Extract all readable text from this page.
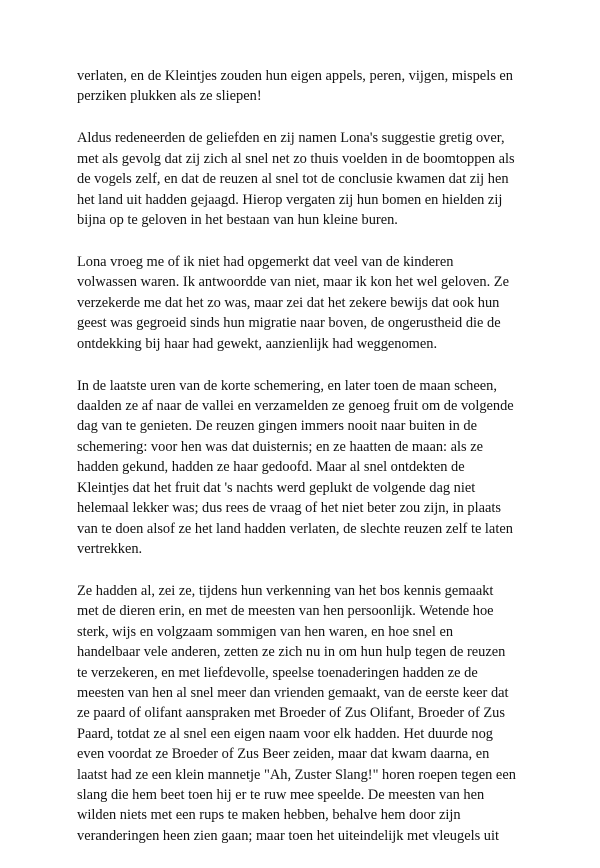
verlaten, en de Kleintjes zouden hun eigen appels, peren, vijgen, mispels en
perziken plukken als ze sliepen!

Aldus redeneerden de geliefden en zij namen Lona's suggestie gretig over,
met als gevolg dat zij zich al snel net zo thuis voelden in de boomtoppen als
de vogels zelf, en dat de reuzen al snel tot de conclusie kwamen dat zij hen
het land uit hadden gejaagd. Hierop vergaten zij hun bomen en hielden zij
bijna op te geloven in het bestaan van hun kleine buren.

Lona vroeg me of ik niet had opgemerkt dat veel van de kinderen
volwassen waren. Ik antwoordde van niet, maar ik kon het wel geloven. Ze
verzekerde me dat het zo was, maar zei dat het zekere bewijs dat ook hun
geest was gegroeid sinds hun migratie naar boven, de ongerustheid die de
ontdekking bij haar had gewekt, aanzienlijk had weggenomen.

In de laatste uren van de korte schemering, en later toen de maan scheen,
daalden ze af naar de vallei en verzamelden ze genoeg fruit om de volgende
dag van te genieten. De reuzen gingen immers nooit naar buiten in de
schemering: voor hen was dat duisternis; en ze haatten de maan: als ze
hadden gekund, hadden ze haar gedoofd. Maar al snel ontdekten de
Kleintjes dat het fruit dat 's nachts werd geplukt de volgende dag niet
helemaal lekker was; dus rees de vraag of het niet beter zou zijn, in plaats
van te doen alsof ze het land hadden verlaten, de slechte reuzen zelf te laten
vertrekken.

Ze hadden al, zei ze, tijdens hun verkenning van het bos kennis gemaakt
met de dieren erin, en met de meesten van hen persoonlijk. Wetende hoe
sterk, wijs en volgzaam sommigen van hen waren, en hoe snel en
handelbaar vele anderen, zetten ze zich nu in om hun hulp tegen de reuzen
te verzekeren, en met liefdevolle, speelse toenaderingen hadden ze de
meesten van hen al snel meer dan vrienden gemaakt, van de eerste keer dat
ze paard of olifant aanspraken met Broeder of Zus Olifant, Broeder of Zus
Paard, totdat ze al snel een eigen naam voor elk hadden. Het duurde nog
even voordat ze Broeder of Zus Beer zeiden, maar dat kwam daarna, en
laatst had ze een klein mannetje "Ah, Zuster Slang!" horen roepen tegen een
slang die hem beet toen hij er te ruw mee speelde. De meesten van hen
wilden niets met een rups te maken hebben, behalve hem door zijn
veranderingen heen zien gaan; maar toen het uiteindelijk met vleugels uit
